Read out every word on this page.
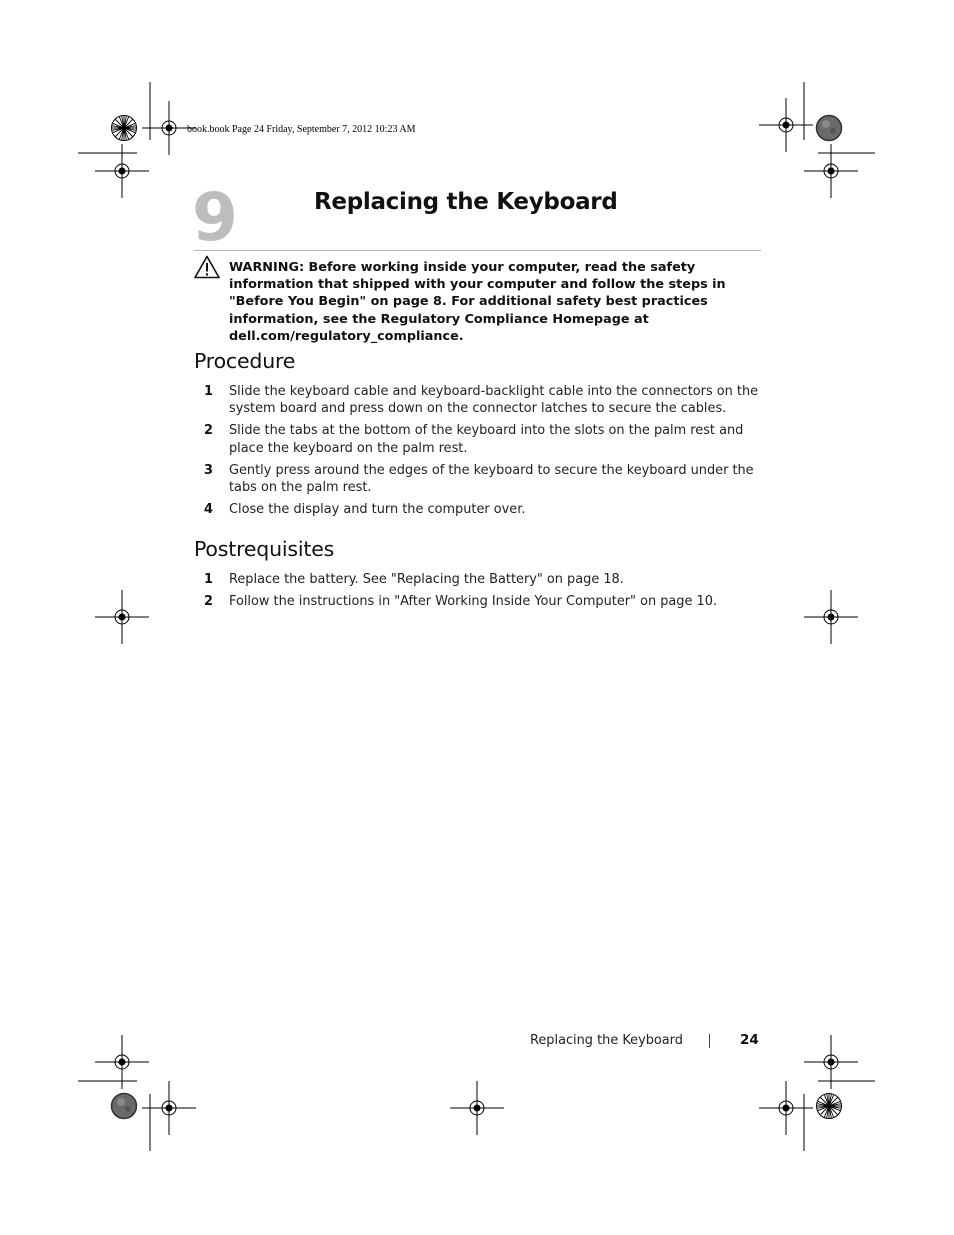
book.book Page 24 Friday, September 7, 2012 10:23 AM
9	Replacing the Keyboard
WARNING: Before working inside your computer, read the safety information that shipped with your computer and follow the steps in "Before You Begin" on page 8. For additional safety best practices information, see the Regulatory Compliance Homepage at dell.com/regulatory_compliance.
Procedure
1 Slide the keyboard cable and keyboard-backlight cable into the connectors on the system board and press down on the connector latches to secure the cables.
2 Slide the tabs at the bottom of the keyboard into the slots on the palm rest and place the keyboard on the palm rest.
3 Gently press around the edges of the keyboard to secure the keyboard under the tabs on the palm rest.
4 Close the display and turn the computer over.
Postrequisites
1 Replace the battery. See "Replacing the Battery" on page 18.
2 Follow the instructions in "After Working Inside Your Computer" on page 10.
Replacing the Keyboard	24
